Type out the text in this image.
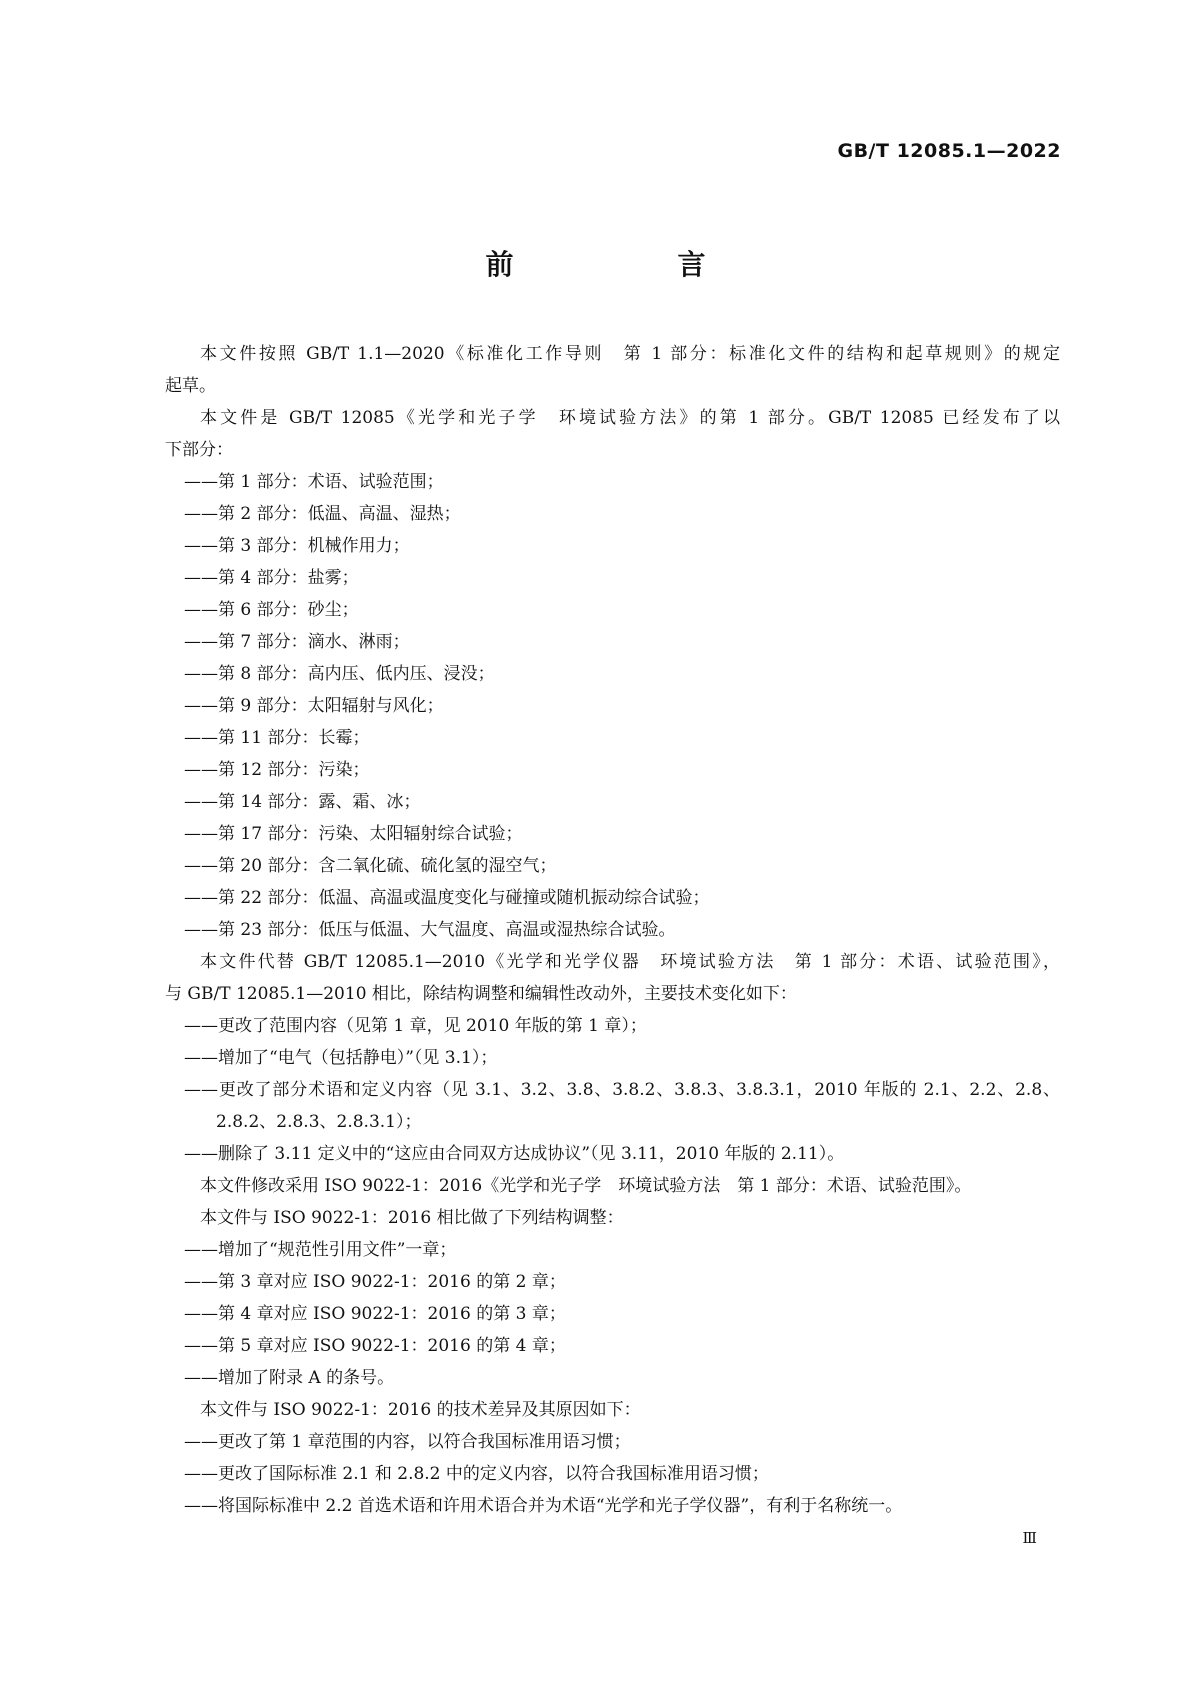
GB/T 12085.1—2022
前　言
本文件按照 GB/T 1.1—2020《标准化工作导则　第 1 部分：标准化文件的结构和起草规则》的规定
起草。
本文件是 GB/T 12085《光学和光子学　环境试验方法》的第 1 部分。GB/T 12085 已经发布了以
下部分：
——第 1 部分：术语、试验范围；
——第 2 部分：低温、高温、湿热；
——第 3 部分：机械作用力；
——第 4 部分：盐雾；
——第 6 部分：砂尘；
——第 7 部分：滴水、淋雨；
——第 8 部分：高内压、低内压、浸没；
——第 9 部分：太阳辐射与风化；
——第 11 部分：长霉；
——第 12 部分：污染；
——第 14 部分：露、霜、冰；
——第 17 部分：污染、太阳辐射综合试验；
——第 20 部分：含二氧化硫、硫化氢的湿空气；
——第 22 部分：低温、高温或温度变化与碰撞或随机振动综合试验；
——第 23 部分：低压与低温、大气温度、高温或湿热综合试验。
本文件代替 GB/T 12085.1—2010《光学和光学仪器　环境试验方法　第 1 部分：术语、试验范围》，
与 GB/T 12085.1—2010 相比，除结构调整和编辑性改动外，主要技术变化如下：
——更改了范围内容（见第 1 章，见 2010 年版的第 1 章）；
——增加了“电气（包括静电）”（见 3.1）；
——更改了部分术语和定义内容（见 3.1、3.2、3.8、3.8.2、3.8.3、3.8.3.1，2010 年版的 2.1、2.2、2.8、
2.8.2、2.8.3、2.8.3.1）；
——删除了 3.11 定义中的“这应由合同双方达成协议”（见 3.11，2010 年版的 2.11）。
本文件修改采用 ISO 9022-1：2016《光学和光子学　环境试验方法　第 1 部分：术语、试验范围》。
本文件与 ISO 9022-1：2016 相比做了下列结构调整：
——增加了“规范性引用文件”一章；
——第 3 章对应 ISO 9022-1：2016 的第 2 章；
——第 4 章对应 ISO 9022-1：2016 的第 3 章；
——第 5 章对应 ISO 9022-1：2016 的第 4 章；
——增加了附录 A 的条号。
本文件与 ISO 9022-1：2016 的技术差异及其原因如下：
——更改了第 1 章范围的内容，以符合我国标准用语习惯；
——更改了国际标准 2.1 和 2.8.2 中的定义内容，以符合我国标准用语习惯；
——将国际标准中 2.2 首选术语和许用术语合并为术语“光学和光子学仪器”，有利于名称统一。
Ⅲ
